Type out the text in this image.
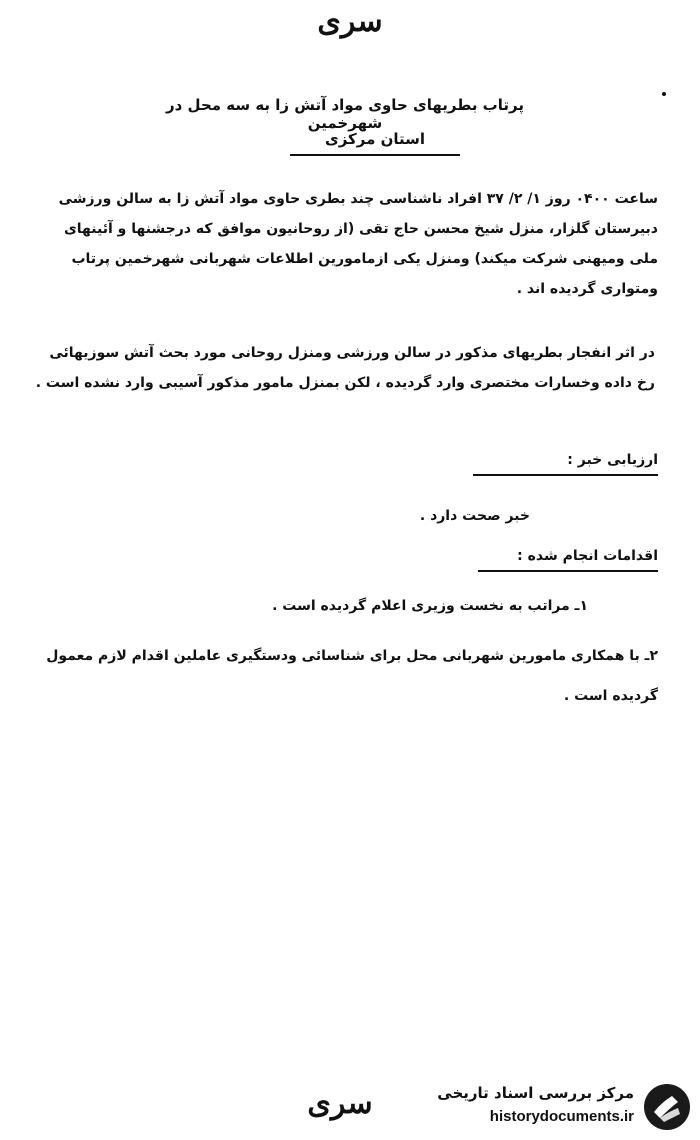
سری
پرتاب بطریهای حاوی مواد آتش زا به سه محل در شهرخمین
استان مرکزی
ساعت ۰۴۰۰ روز ۱/ ۲/ ۳۷ افراد ناشناسی چند بطری حاوی مواد آتش زا به سالن ورزشی دبیرستان گلزار، منزل شیخ محسن حاج تقی (از روحانیون موافق که درجشنها و آئینهای ملی ومیهنی شرکت میکند) ومنزل یکی ازمامورین اطلاعات شهربانی شهرخمین پرتاب ومتواری گردیده اند .
در اثر انفجار بطریهای مذکور در سالن ورزشی ومنزل روحانی مورد بحث آتش سوزیهائی رخ داده وخسارات مختصری وارد گردیده ، لکن بمنزل مامور مذکور آسیبی وارد نشده است .
ارزیابی خبر :
خبر صحت دارد .
اقدامات انجام شده :
۱ـ مراتب به نخست وزیری اعلام گردیده است .
۲ـ با همکاری مامورین شهربانی محل برای شناسائی ودستگیری عاملین اقدام لازم معمول گردیده است .
سری	مرکز بررسی اسناد تاریخی
historydocuments.ir
